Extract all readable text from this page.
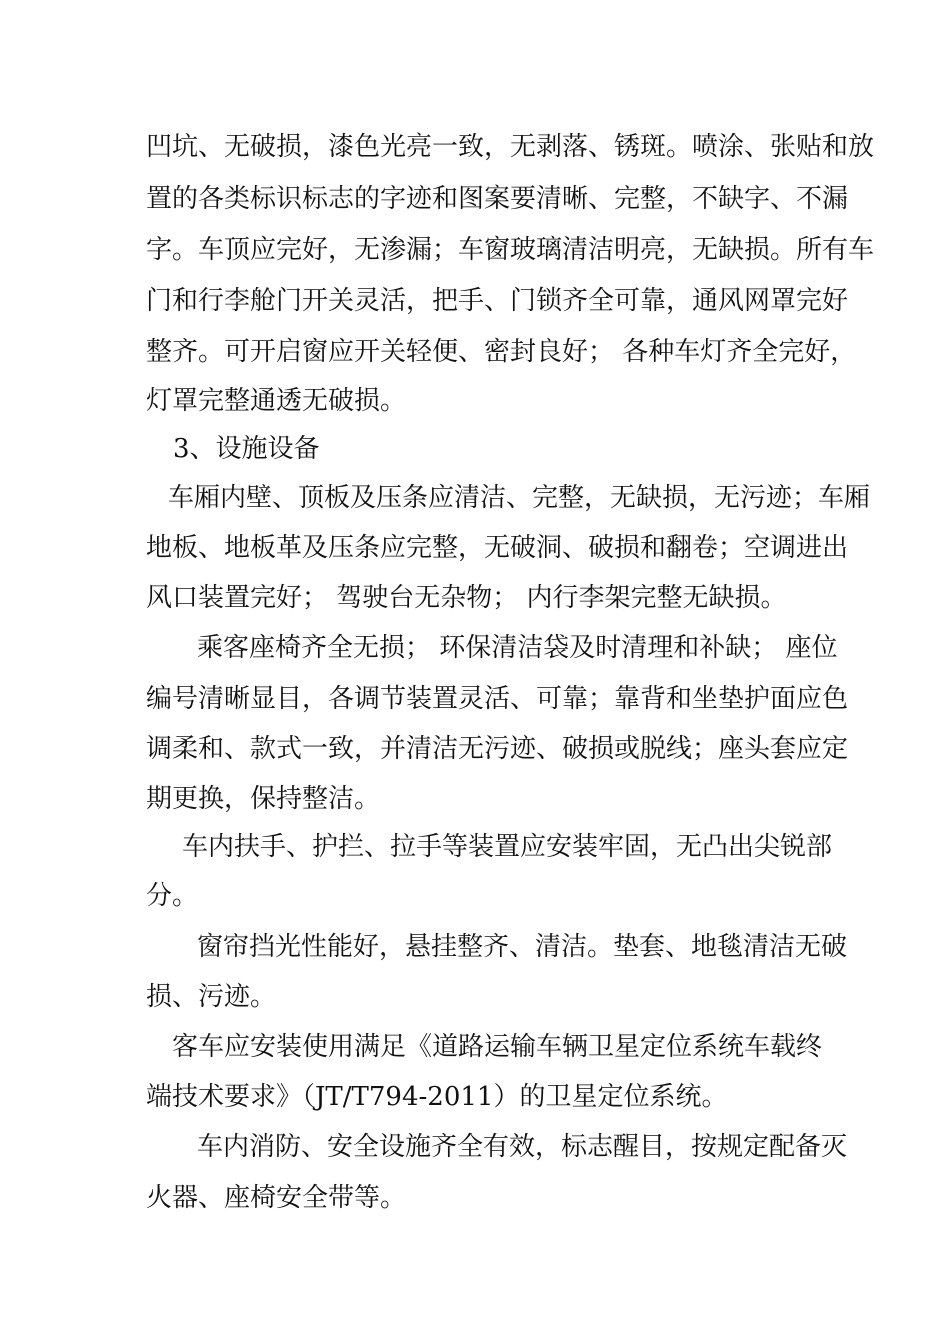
凹坑、无破损，漆色光亮一致，无剥落、锈斑。喷涂、张贴和放

置的各类标识标志的字迹和图案要清晰、完整，不缺字、不漏

字。车顶应完好，无渗漏；车窗玻璃清洁明亮，无缺损。所有车

门和行李舱门开关灵活，把手、门锁齐全可靠，通风网罩完好

整齐。可开启窗应开关轻便、密封良好； 各种车灯齐全完好，

灯罩完整通透无破损。

3、设施设备

车厢内壁、顶板及压条应清洁、完整，无缺损，无污迹；车厢

地板、地板革及压条应完整，无破洞、破损和翻卷；空调进出

风口装置完好； 驾驶台无杂物； 内行李架完整无缺损。

乘客座椅齐全无损； 环保清洁袋及时清理和补缺； 座位

编号清晰显目，各调节装置灵活、可靠；靠背和坐垫护面应色

调柔和、款式一致，并清洁无污迹、破损或脱线；座头套应定

期更换，保持整洁。

车内扶手、护拦、拉手等装置应安装牢固，无凸出尖锐部

分。

窗帘挡光性能好，悬挂整齐、清洁。垫套、地毯清洁无破

损、污迹。

客车应安装使用满足《道路运输车辆卫星定位系统车载终

端技术要求》（JT/T794-2011）的卫星定位系统。

车内消防、安全设施齐全有效，标志醒目，按规定配备灭

火器、座椅安全带等。
